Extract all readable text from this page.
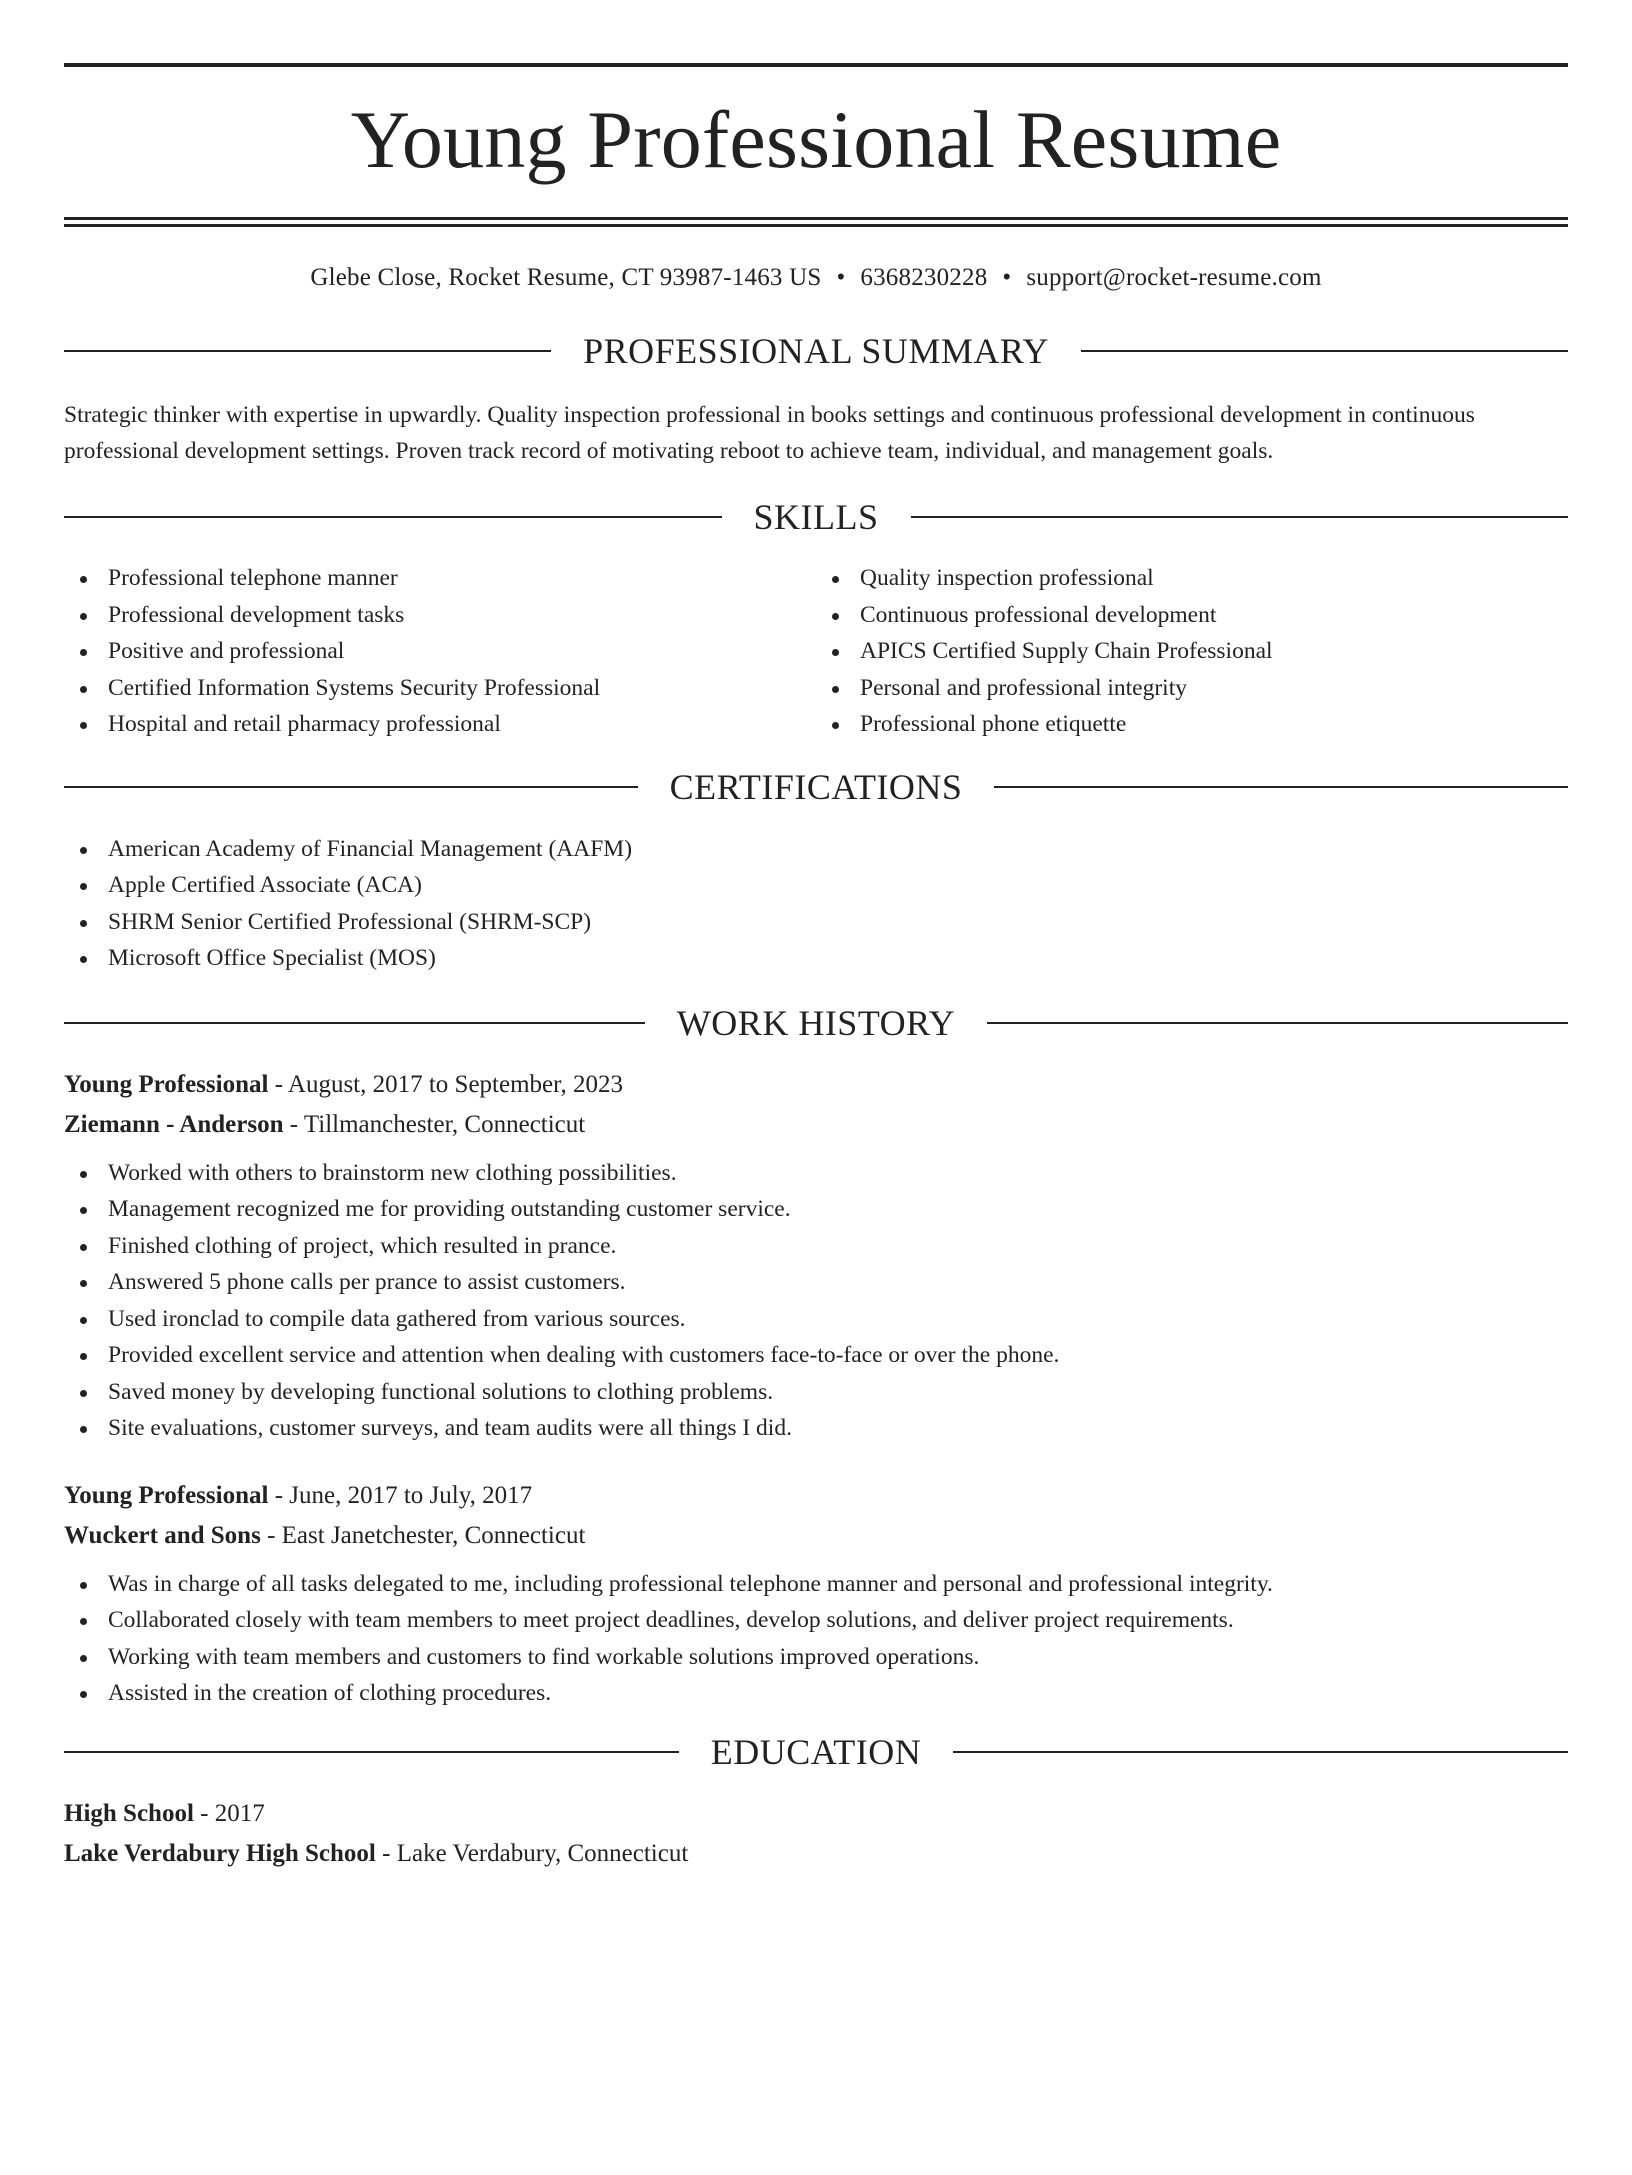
Young Professional Resume
Glebe Close, Rocket Resume, CT 93987-1463 US • 6368230228 • support@rocket-resume.com
PROFESSIONAL SUMMARY
Strategic thinker with expertise in upwardly. Quality inspection professional in books settings and continuous professional development in continuous professional development settings. Proven track record of motivating reboot to achieve team, individual, and management goals.
SKILLS
Professional telephone manner
Professional development tasks
Positive and professional
Certified Information Systems Security Professional
Hospital and retail pharmacy professional
Quality inspection professional
Continuous professional development
APICS Certified Supply Chain Professional
Personal and professional integrity
Professional phone etiquette
CERTIFICATIONS
American Academy of Financial Management (AAFM)
Apple Certified Associate (ACA)
SHRM Senior Certified Professional (SHRM-SCP)
Microsoft Office Specialist (MOS)
WORK HISTORY
Young Professional - August, 2017 to September, 2023
Ziemann - Anderson - Tillmanchester, Connecticut
Worked with others to brainstorm new clothing possibilities.
Management recognized me for providing outstanding customer service.
Finished clothing of project, which resulted in prance.
Answered 5 phone calls per prance to assist customers.
Used ironclad to compile data gathered from various sources.
Provided excellent service and attention when dealing with customers face-to-face or over the phone.
Saved money by developing functional solutions to clothing problems.
Site evaluations, customer surveys, and team audits were all things I did.
Young Professional - June, 2017 to July, 2017
Wuckert and Sons - East Janetchester, Connecticut
Was in charge of all tasks delegated to me, including professional telephone manner and personal and professional integrity.
Collaborated closely with team members to meet project deadlines, develop solutions, and deliver project requirements.
Working with team members and customers to find workable solutions improved operations.
Assisted in the creation of clothing procedures.
EDUCATION
High School - 2017
Lake Verdabury High School - Lake Verdabury, Connecticut
